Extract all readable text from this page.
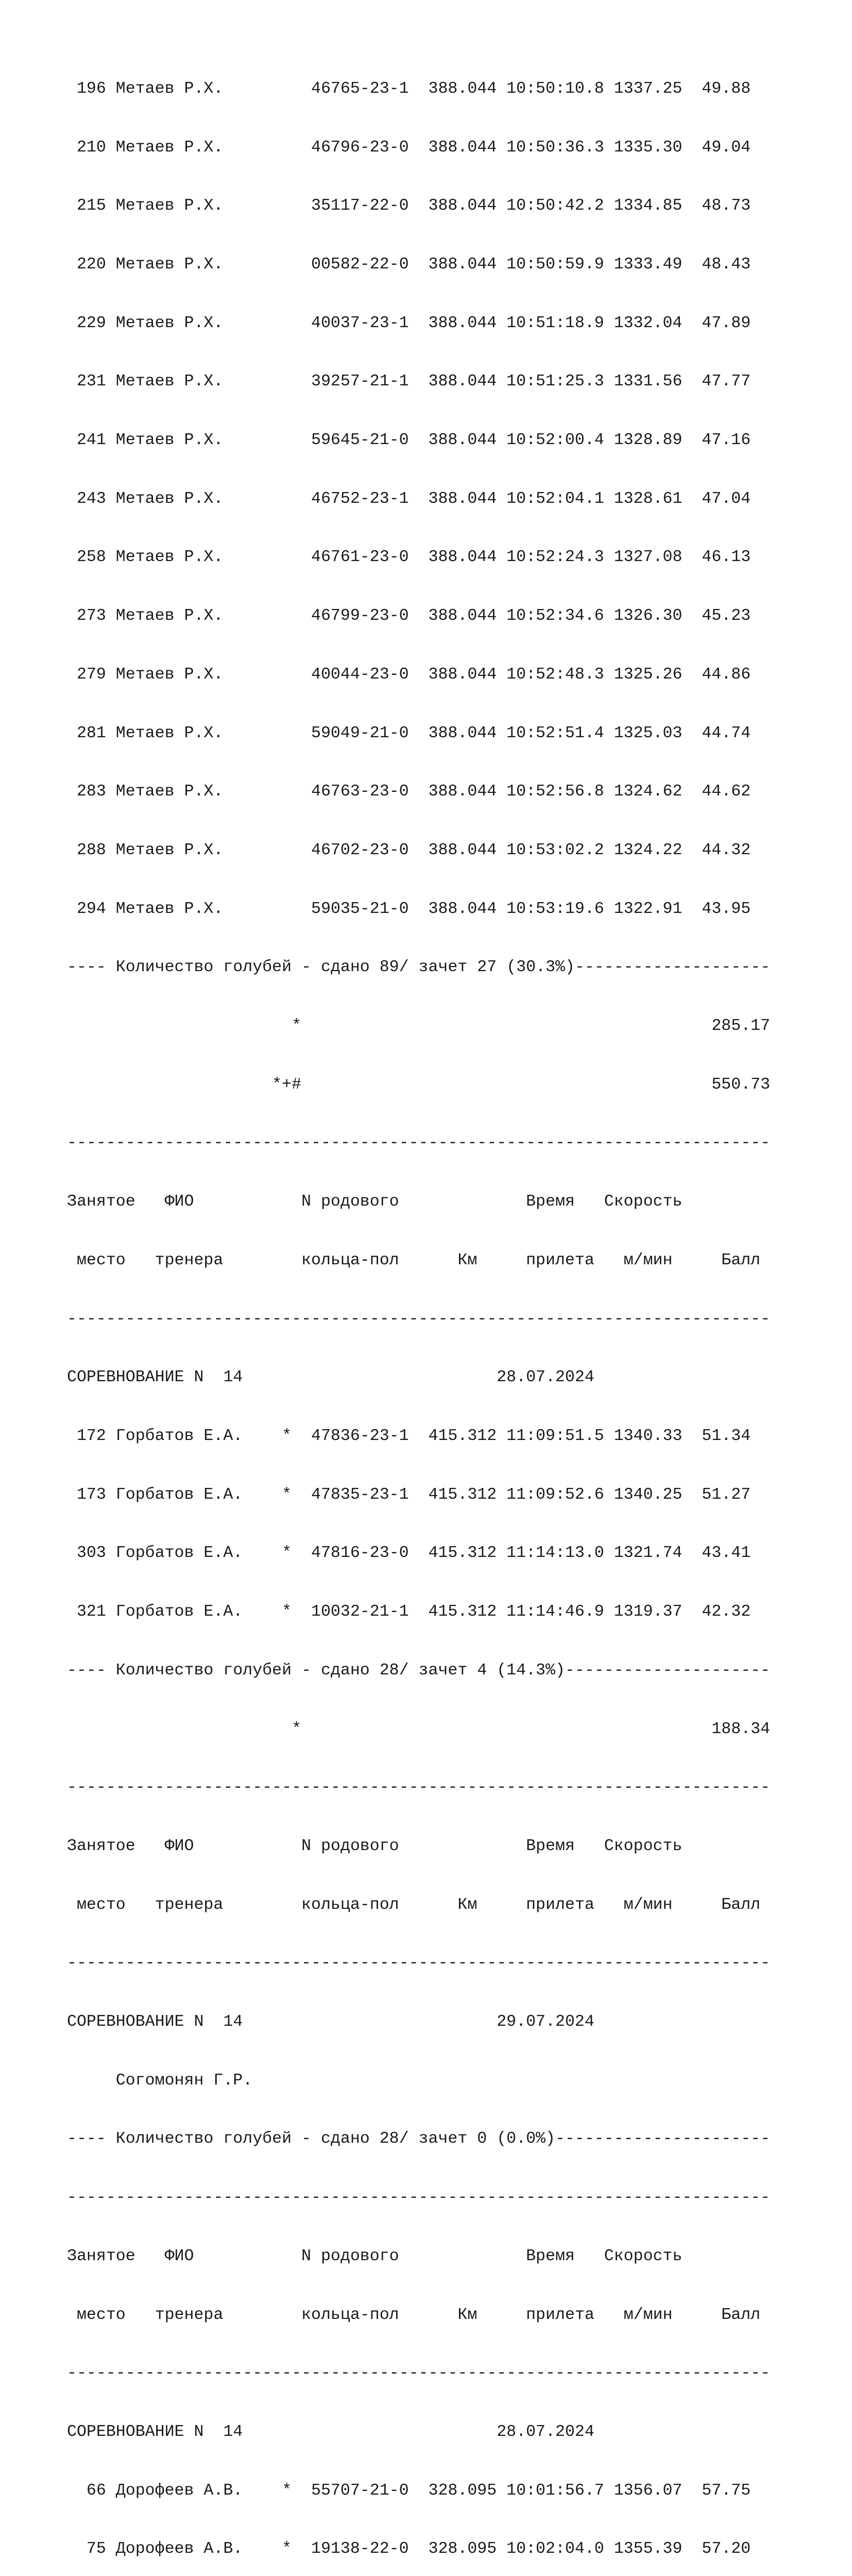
196 Метаев Р.Х.         46765-23-1  388.044 10:50:10.8 1337.25  49.88

210 Метаев Р.Х.         46796-23-0  388.044 10:50:36.3 1335.30  49.04

215 Метаев Р.Х.         35117-22-0  388.044 10:50:42.2 1334.85  48.73

220 Метаев Р.Х.         00582-22-0  388.044 10:50:59.9 1333.49  48.43

229 Метаев Р.Х.         40037-23-1  388.044 10:51:18.9 1332.04  47.89

231 Метаев Р.Х.         39257-21-1  388.044 10:51:25.3 1331.56  47.77

241 Метаев Р.Х.         59645-21-0  388.044 10:52:00.4 1328.89  47.16

243 Метаев Р.Х.         46752-23-1  388.044 10:52:04.1 1328.61  47.04

258 Метаев Р.Х.         46761-23-0  388.044 10:52:24.3 1327.08  46.13

273 Метаев Р.Х.         46799-23-0  388.044 10:52:34.6 1326.30  45.23

279 Метаев Р.Х.         40044-23-0  388.044 10:52:48.3 1325.26  44.86

281 Метаев Р.Х.         59049-21-0  388.044 10:52:51.4 1325.03  44.74

283 Метаев Р.Х.         46763-23-0  388.044 10:52:56.8 1324.62  44.62

288 Метаев Р.Х.         46702-23-0  388.044 10:53:02.2 1324.22  44.32

294 Метаев Р.Х.         59035-21-0  388.044 10:53:19.6 1322.91  43.95

---- Количество голубей - сдано 89/ зачет 27 (30.3%)--------------------

*                                          285.17

*+#                                          550.73

------------------------------------------------------------------------

Занятое   ФИО           N родового             Время   Скорость

место   тренера        кольца-пол      Км     прилета   м/мин     Балл

------------------------------------------------------------------------

СОРЕВНОВАНИЕ N  14                          28.07.2024

172 Горбатов Е.А.    *  47836-23-1  415.312 11:09:51.5 1340.33  51.34

173 Горбатов Е.А.    *  47835-23-1  415.312 11:09:52.6 1340.25  51.27

303 Горбатов Е.А.    *  47816-23-0  415.312 11:14:13.0 1321.74  43.41

321 Горбатов Е.А.    *  10032-21-1  415.312 11:14:46.9 1319.37  42.32

---- Количество голубей - сдано 28/ зачет 4 (14.3%)---------------------

*                                          188.34

------------------------------------------------------------------------

Занятое   ФИО           N родового             Время   Скорость

место   тренера        кольца-пол      Км     прилета   м/мин     Балл

------------------------------------------------------------------------

СОРЕВНОВАНИЕ N  14                          29.07.2024

Согомонян Г.Р.

---- Количество голубей - сдано 28/ зачет 0 (0.0%)----------------------

------------------------------------------------------------------------

Занятое   ФИО           N родового             Время   Скорость

место   тренера        кольца-пол      Км     прилета   м/мин     Балл

------------------------------------------------------------------------

СОРЕВНОВАНИЕ N  14                          28.07.2024

66 Дорофеев А.В.    *  55707-21-0  328.095 10:01:56.7 1356.07  57.75

75 Дорофеев А.В.    *  19138-22-0  328.095 10:02:04.0 1355.39  57.20
